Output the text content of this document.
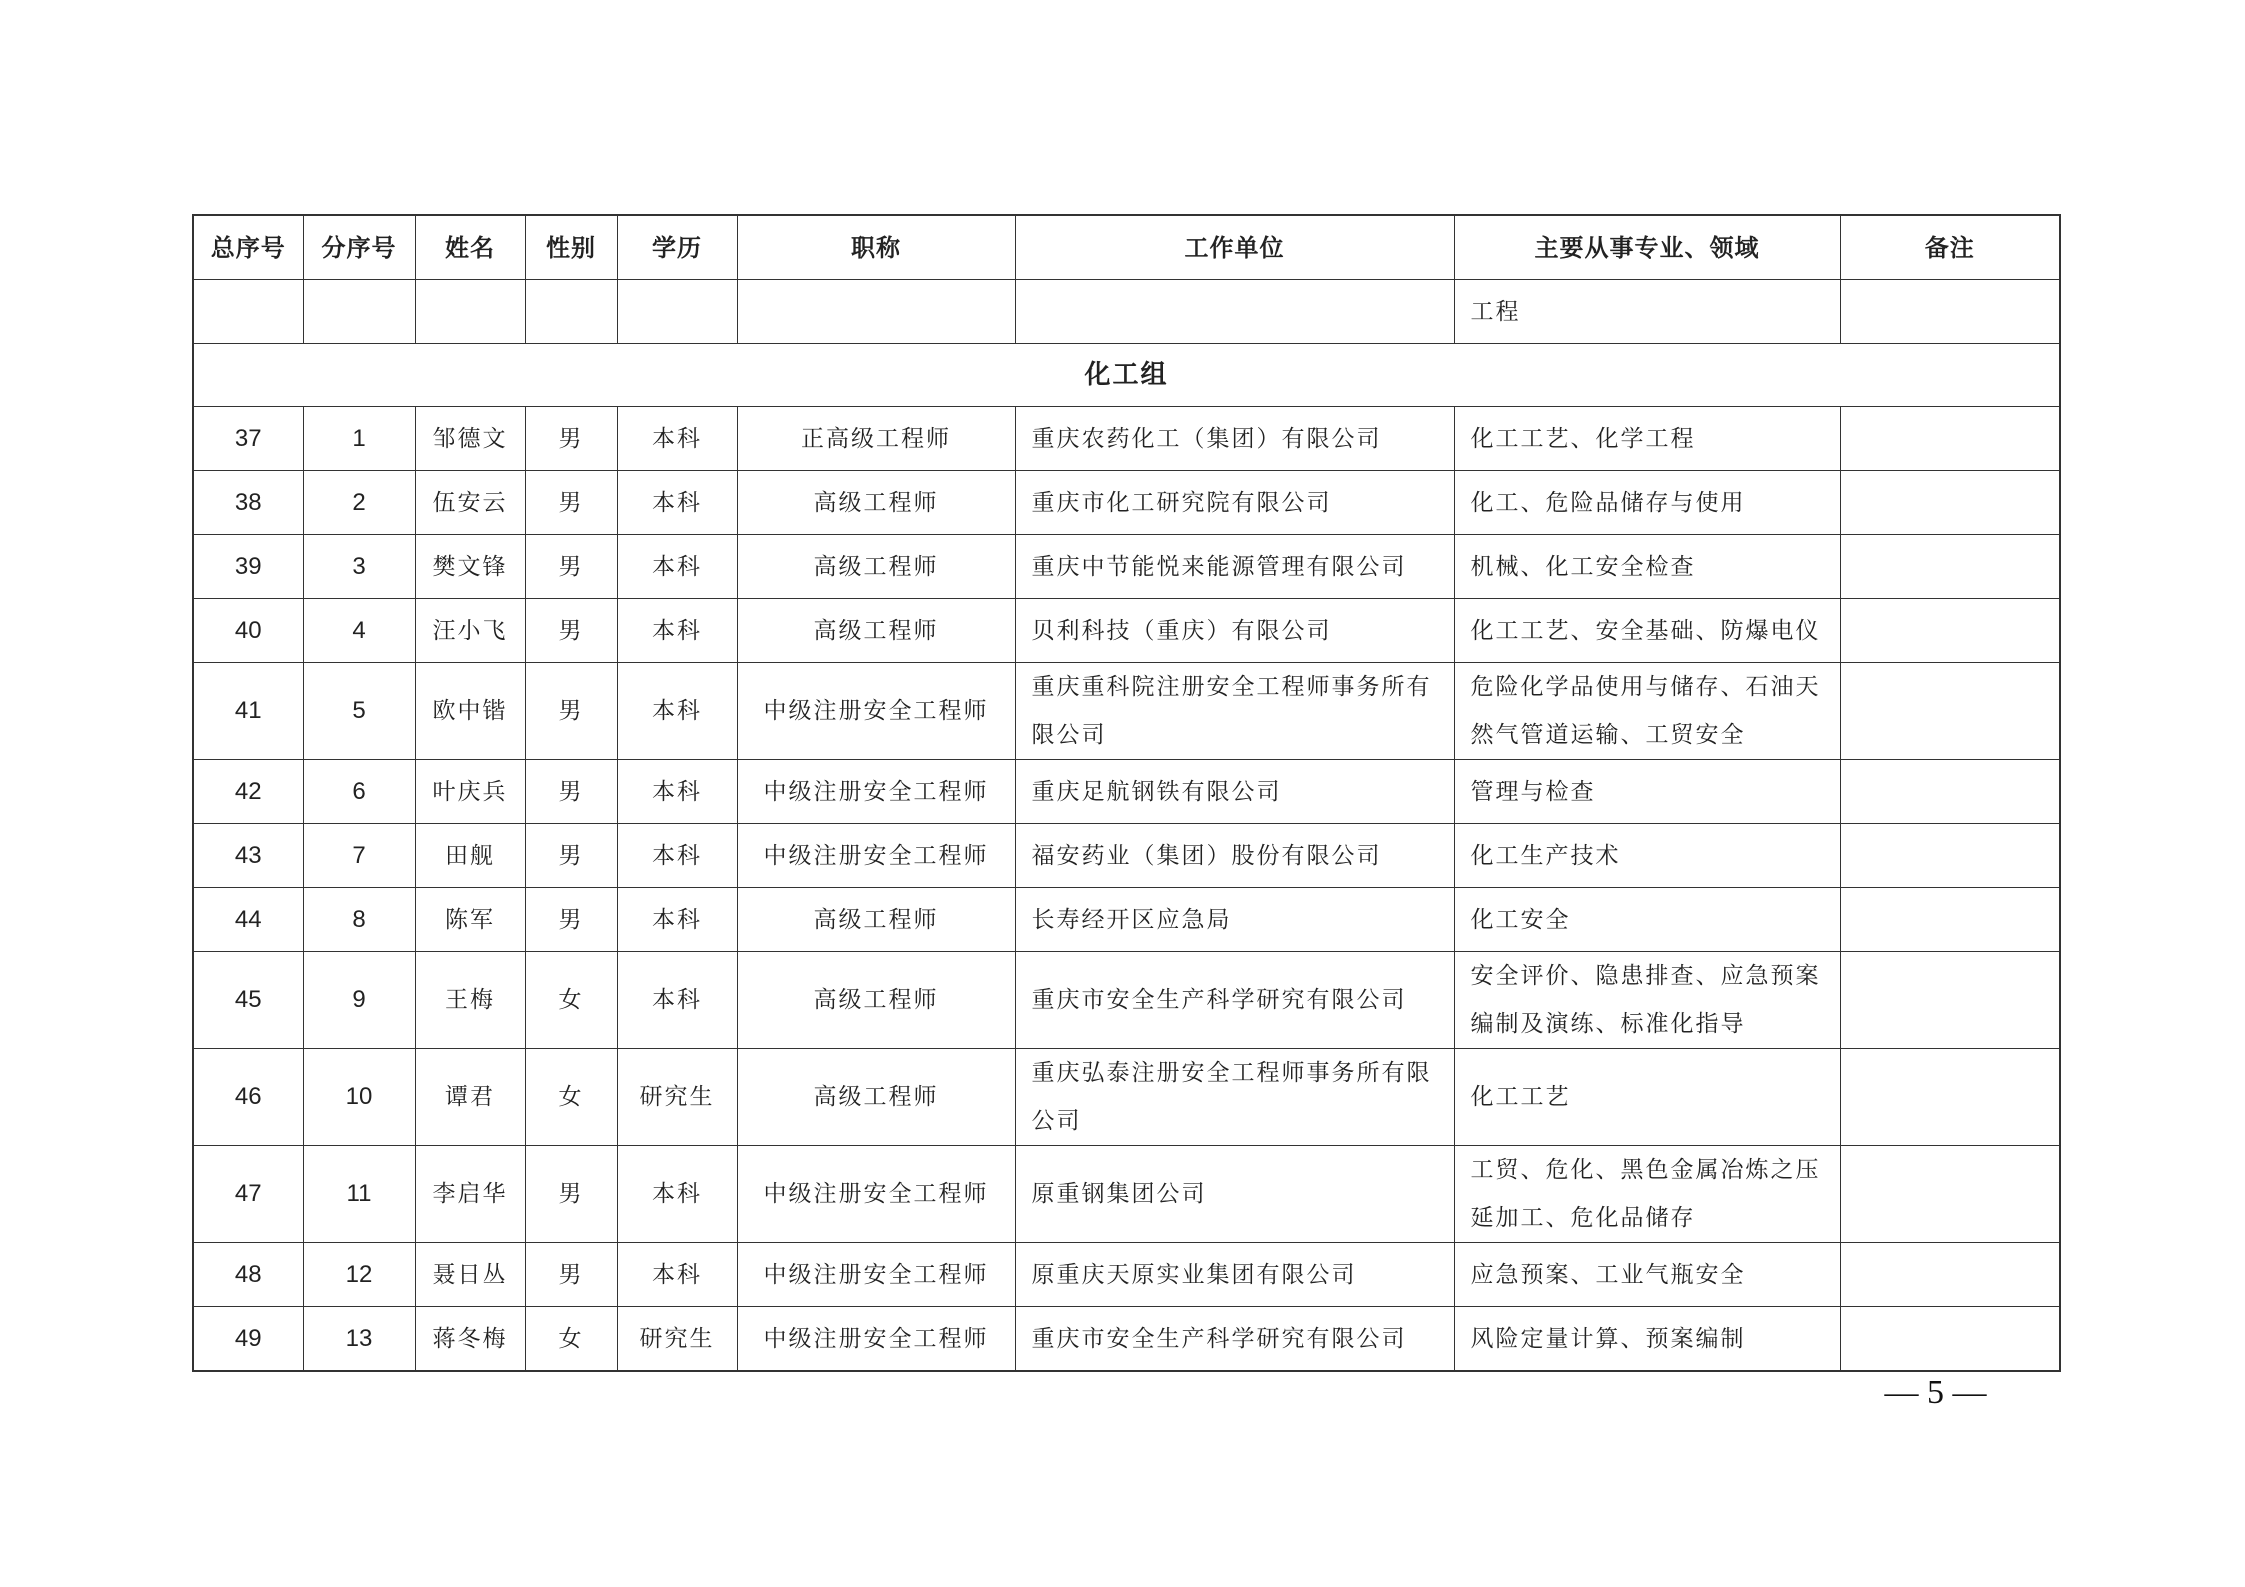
总序号	分序号	姓名	性别	学历	职称	工作单位	主要从事专业、领域	备注
							工程	
化工组								
37	1	邹德文	男	本科	正高级工程师	重庆农药化工（集团）有限公司	化工工艺、化学工程	
38	2	伍安云	男	本科	高级工程师	重庆市化工研究院有限公司	化工、危险品储存与使用	
39	3	樊文锋	男	本科	高级工程师	重庆中节能悦来能源管理有限公司	机械、化工安全检查	
40	4	汪小飞	男	本科	高级工程师	贝利科技（重庆）有限公司	化工工艺、安全基础、防爆电仪	
41	5	欧中锴	男	本科	中级注册安全工程师	重庆重科院注册安全工程师事务所有限公司	危险化学品使用与储存、石油天然气管道运输、工贸安全	
42	6	叶庆兵	男	本科	中级注册安全工程师	重庆足航钢铁有限公司	管理与检查	
43	7	田舰	男	本科	中级注册安全工程师	福安药业（集团）股份有限公司	化工生产技术	
44	8	陈军	男	本科	高级工程师	长寿经开区应急局	化工安全	
45	9	王梅	女	本科	高级工程师	重庆市安全生产科学研究有限公司	安全评价、隐患排查、应急预案编制及演练、标准化指导	
46	10	谭君	女	研究生	高级工程师	重庆弘泰注册安全工程师事务所有限公司	化工工艺	
47	11	李启华	男	本科	中级注册安全工程师	原重钢集团公司	工贸、危化、黑色金属冶炼之压延加工、危化品储存	
48	12	聂日丛	男	本科	中级注册安全工程师	原重庆天原实业集团有限公司	应急预案、工业气瓶安全	
49	13	蒋冬梅	女	研究生	中级注册安全工程师	重庆市安全生产科学研究有限公司	风险定量计算、预案编制	
— 5 —
